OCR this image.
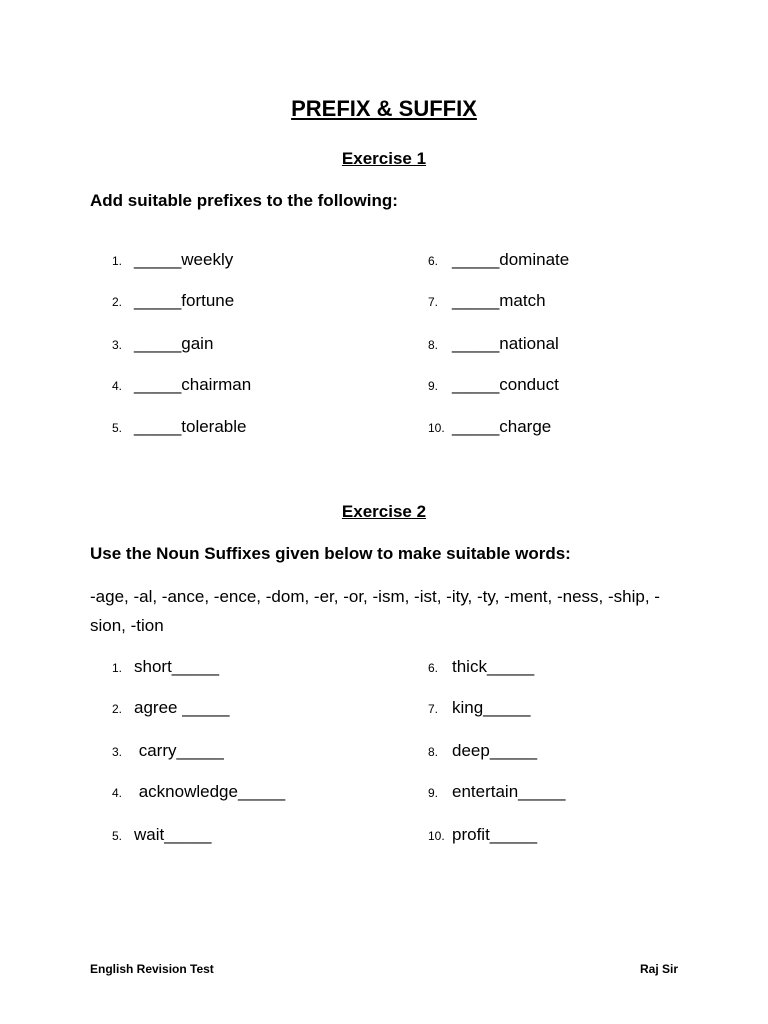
PREFIX & SUFFIX
Exercise 1
Add suitable prefixes to the following:
1. _____weekly
2. _____fortune
3. _____gain
4. _____chairman
5. _____tolerable
6. _____dominate
7. _____match
8. _____national
9. _____conduct
10. _____charge
Exercise 2
Use the Noun Suffixes given below to make suitable words:
-age, -al, -ance, -ence, -dom, -er, -or, -ism, -ist, -ity, -ty, -ment, -ness, -ship, -sion, -tion
1. short_____
2. agree _____
3. carry_____
4. acknowledge_____
5. wait_____
6. thick_____
7. king_____
8. deep_____
9. entertain_____
10. profit_____
English Revision Test	Raj Sir
